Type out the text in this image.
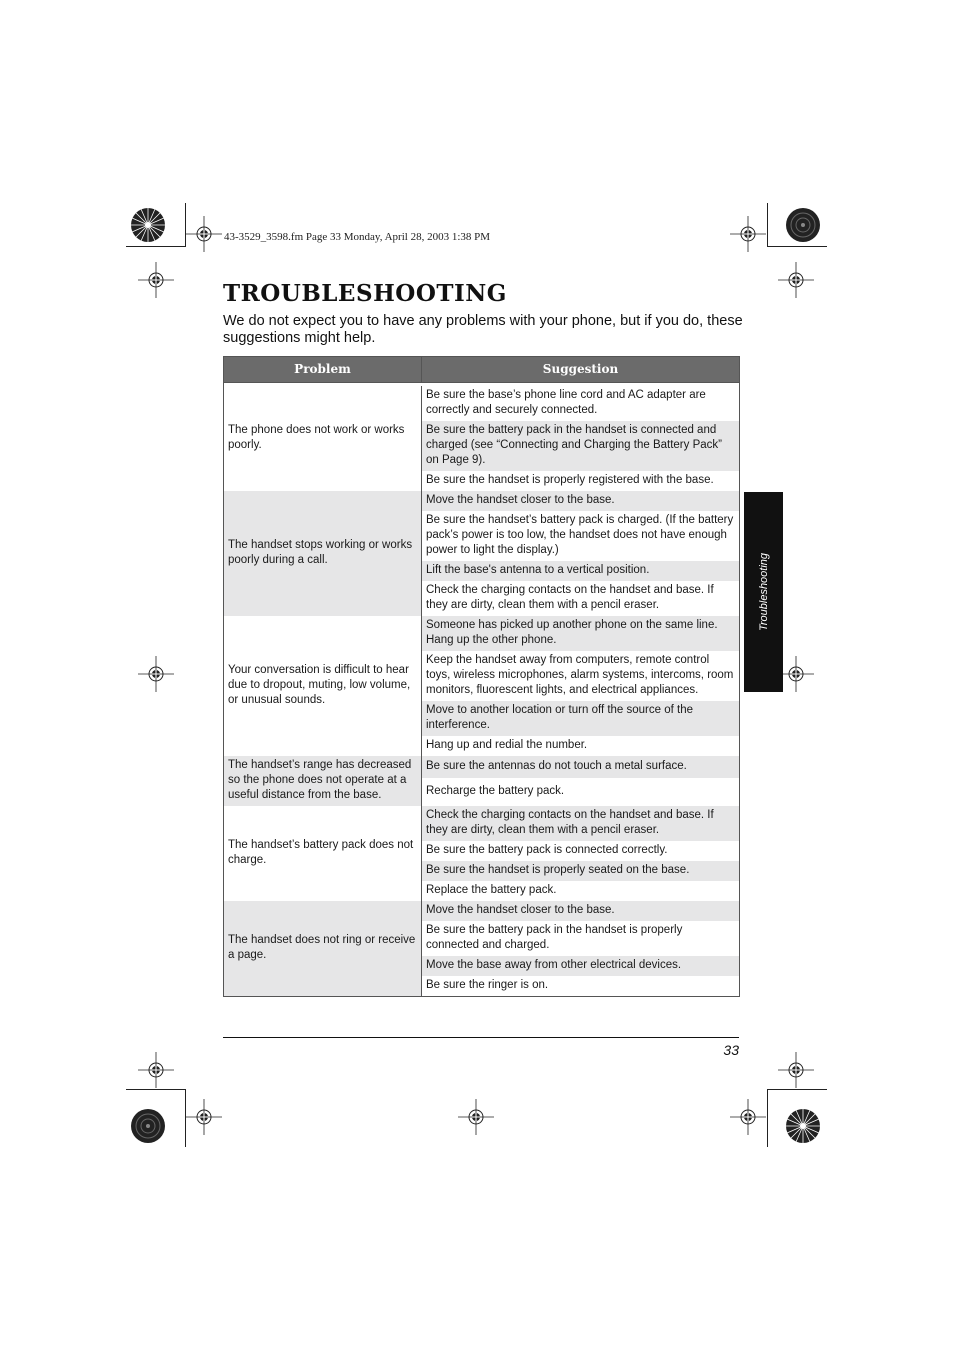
43-3529_3598.fm Page 33 Monday, April 28, 2003 1:38 PM
TROUBLESHOOTING

We do not expect you to have any problems with your phone, but if you do, these suggestions might help.

Problem	Suggestion

The phone does not work or works poorly.	Be sure the base’s phone line cord and AC adapter are correctly and securely connected.
	Be sure the battery pack in the handset is connected and charged (see “Connecting and Charging the Battery Pack” on Page 9).
	Be sure the handset is properly registered with the base.
The handset stops working or works poorly during a call.	Move the handset closer to the base.
	Be sure the handset’s battery pack is charged. (If the battery pack’s power is too low, the handset does not have enough power to light the display.)
	Lift the base's antenna to a vertical position.
	Check the charging contacts on the handset and base. If they are dirty, clean them with a pencil eraser.
Your conversation is difficult to hear due to dropout, muting, low volume, or unusual sounds.	Someone has picked up another phone on the same line. Hang up the other phone.
	Keep the handset away from computers, remote control toys, wireless microphones, alarm systems, intercoms, room monitors, fluorescent lights, and electrical appliances.
	Move to another location or turn off the source of the interference.
	Hang up and redial the number.
The handset’s range has decreased so the phone does not operate at a useful distance from the base.	Be sure the antennas do not touch a metal surface.
	Recharge the battery pack.
The handset’s battery pack does not charge.	Check the charging contacts on the handset and base. If they are dirty, clean them with a pencil eraser.
	Be sure the battery pack is connected correctly.
	Be sure the handset is properly seated on the base.
	Replace the battery pack.
The handset does not ring or receive a page.	Move the handset closer to the base.
	Be sure the battery pack in the handset is properly connected and charged.
	Move the base away from other electrical devices.
	Be sure the ringer is on.
Troubleshooting
33
